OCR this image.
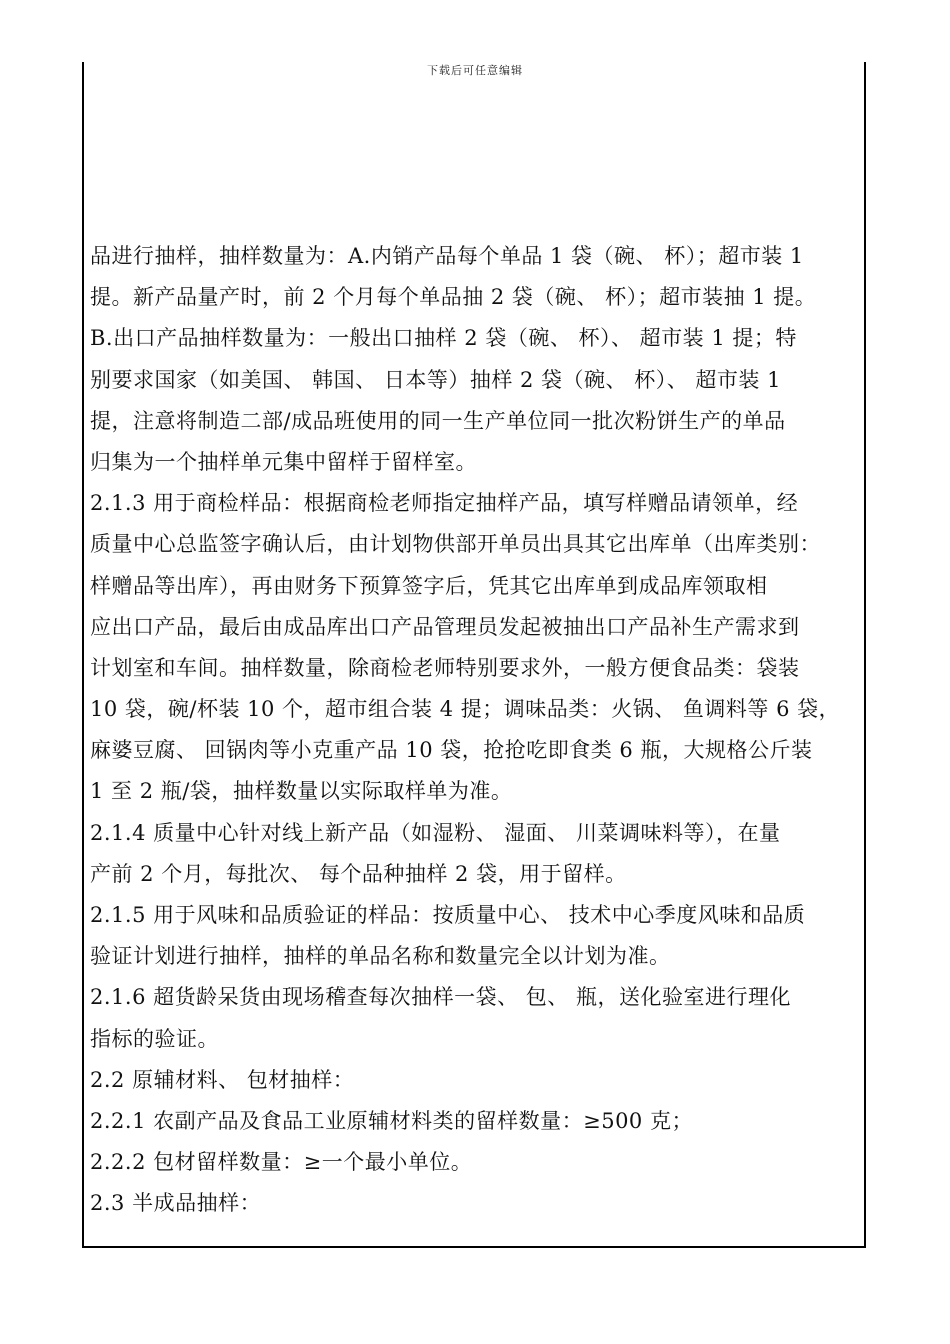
下载后可任意编辑
品进行抽样，抽样数量为：A.内销产品每个单品 1 袋（碗、 杯）；超市装 1
提。新产品量产时，前 2 个月每个单品抽 2 袋（碗、 杯）；超市装抽 1 提。
B.出口产品抽样数量为：一般出口抽样 2 袋（碗、 杯）、 超市装 1 提；特
别要求国家（如美国、 韩国、 日本等）抽样 2 袋（碗、 杯）、 超市装 1
提，注意将制造二部/成品班使用的同一生产单位同一批次粉饼生产的单品
归集为一个抽样单元集中留样于留样室。
2.1.3 用于商检样品：根据商检老师指定抽样产品，填写样赠品请领单，经
质量中心总监签字确认后，由计划物供部开单员出具其它出库单（出库类别：
样赠品等出库），再由财务下预算签字后，凭其它出库单到成品库领取相
应出口产品，最后由成品库出口产品管理员发起被抽出口产品补生产需求到
计划室和车间。抽样数量，除商检老师特别要求外，一般方便食品类：袋装
10 袋，碗/杯装 10 个，超市组合装 4 提；调味品类：火锅、 鱼调料等 6 袋，
麻婆豆腐、 回锅肉等小克重产品 10 袋，抢抢吃即食类 6 瓶，大规格公斤装
1 至 2 瓶/袋，抽样数量以实际取样单为准。
2.1.4 质量中心针对线上新产品（如湿粉、 湿面、 川菜调味料等），在量
产前 2 个月，每批次、 每个品种抽样 2 袋，用于留样。
2.1.5 用于风味和品质验证的样品：按质量中心、 技术中心季度风味和品质
验证计划进行抽样，抽样的单品名称和数量完全以计划为准。
2.1.6 超货龄呆货由现场稽查每次抽样一袋、 包、 瓶，送化验室进行理化
指标的验证。
2.2 原辅材料、 包材抽样：
2.2.1 农副产品及食品工业原辅材料类的留样数量：≥500 克；
2.2.2 包材留样数量：≥一个最小单位。
2.3 半成品抽样：
